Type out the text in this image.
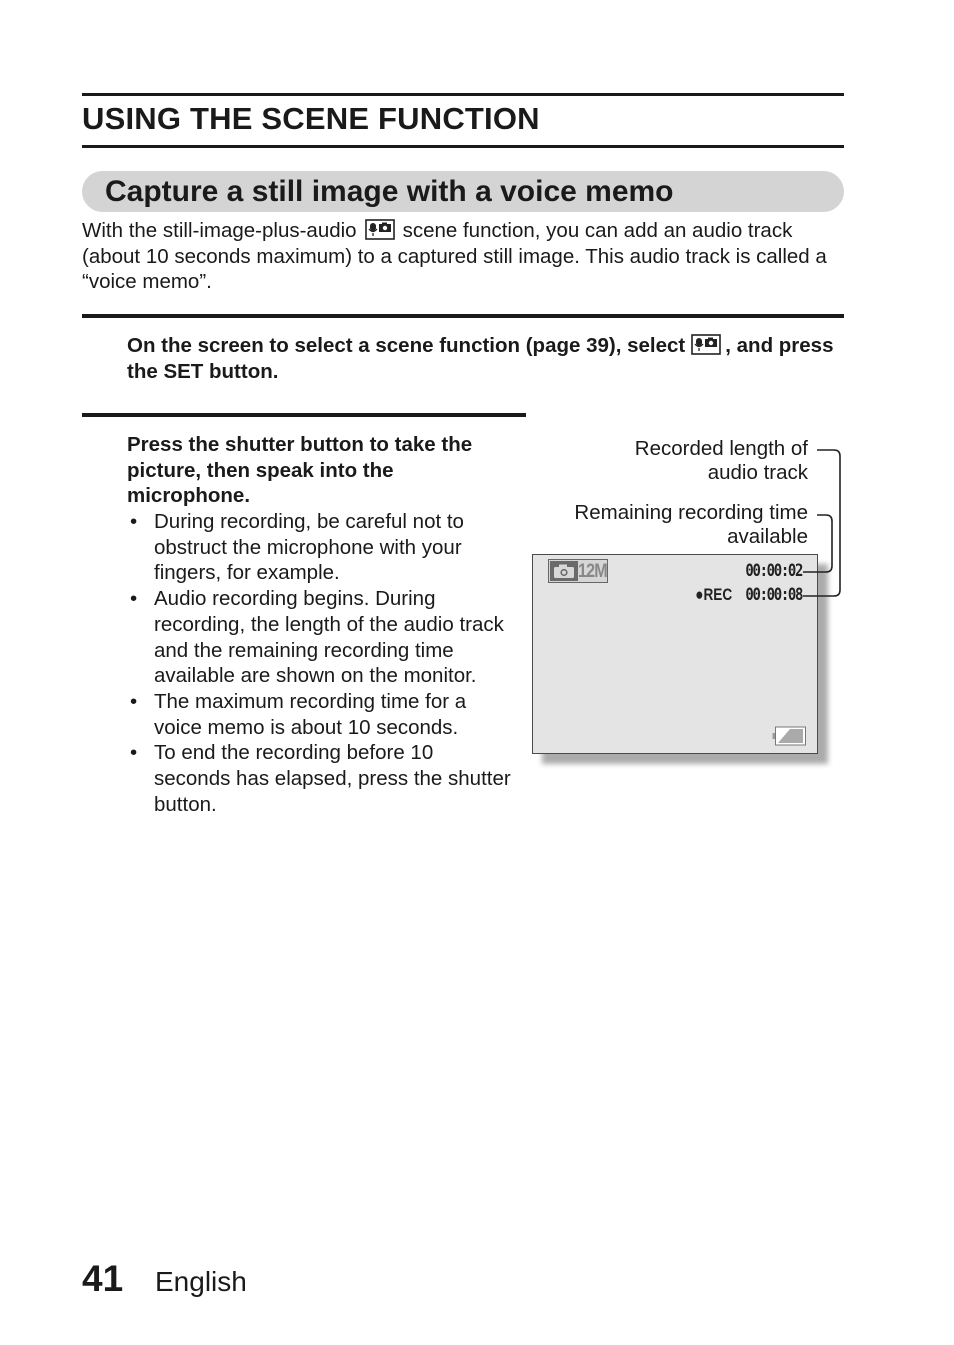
USING THE SCENE FUNCTION
Capture a still image with a voice memo
With the still-image-plus-audio scene function, you can add an audio track (about 10 seconds maximum) to a captured still image. This audio track is called a “voice memo”.
On the screen to select a scene function (page 39), select , and press the SET button.
Press the shutter button to take the picture, then speak into the microphone.
• During recording, be careful not to obstruct the microphone with your fingers, for example.
• Audio recording begins. During recording, the length of the audio track and the remaining recording time available are shown on the monitor.
• The maximum recording time for a voice memo is about 10 seconds.
• To end the recording before 10 seconds has elapsed, press the shutter button.
Recorded length of
audio track
Remaining recording time
available
12M	00:00:02
●REC 00:00:08
41 English
